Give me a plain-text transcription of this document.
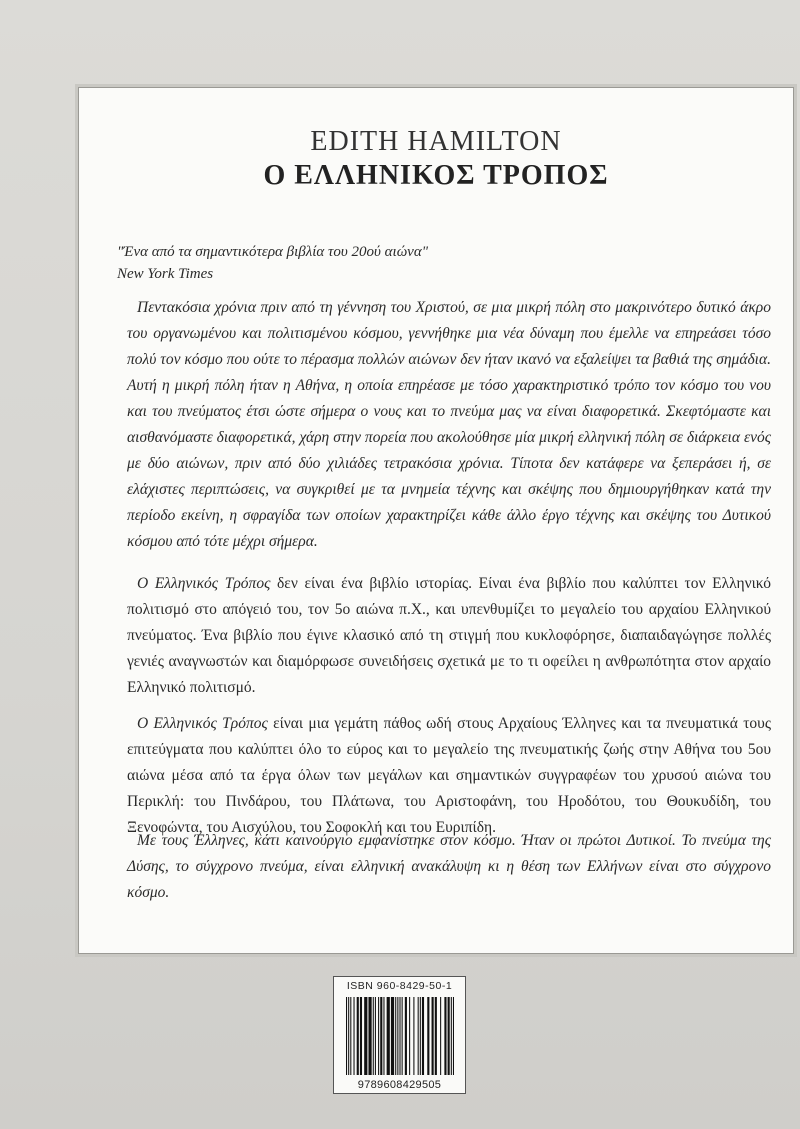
EDITH HAMILTON
Ο ΕΛΛΗΝΙΚΟΣ ΤΡΟΠΟΣ
"Ένα από τα σημαντικότερα βιβλία του 20ού αιώνα"
New York Times

Πεντακόσια χρόνια πριν από τη γέννηση του Χριστού, σε μια μικρή πόλη στο μακρινότερο δυτικό άκρο του οργανωμένου και πολιτισμένου κόσμου, γεννήθηκε μια νέα δύναμη που έμελλε να επηρεάσει τόσο πολύ τον κόσμο που ούτε το πέρασμα πολλών αιώνων δεν ήταν ικανό να εξαλείψει τα βαθιά της σημάδια. Αυτή η μικρή πόλη ήταν η Αθήνα, η οποία επηρέασε με τόσο χαρακτηριστικό τρόπο τον κόσμο του νου και του πνεύματος έτσι ώστε σήμερα ο νους και το πνεύμα μας να είναι διαφορετικά. Σκεφτόμαστε και αισθανόμαστε διαφορετικά, χάρη στην πορεία που ακολούθησε μία μικρή ελληνική πόλη σε διάρκεια ενός με δύο αιώνων, πριν από δύο χιλιάδες τετρακόσια χρόνια. Τίποτα δεν κατάφερε να ξεπεράσει ή, σε ελάχιστες περιπτώσεις, να συγκριθεί με τα μνημεία τέχνης και σκέψης που δημιουργήθηκαν κατά την περίοδο εκείνη, η σφραγίδα των οποίων χαρακτηρίζει κάθε άλλο έργο τέχνης και σκέψης του Δυτικού κόσμου από τότε μέχρι σήμερα.

Ο Ελληνικός Τρόπος δεν είναι ένα βιβλίο ιστορίας. Είναι ένα βιβλίο που καλύπτει τον Ελληνικό πολιτισμό στο απόγειό του, τον 5ο αιώνα π.Χ., και υπενθυμίζει το μεγαλείο του αρχαίου Ελληνικού πνεύματος. Ένα βιβλίο που έγινε κλασικό από τη στιγμή που κυκλοφόρησε, διαπαιδαγώγησε πολλές γενιές αναγνωστών και διαμόρφωσε συνειδήσεις σχετικά με το τι οφείλει η ανθρωπότητα στον αρχαίο Ελληνικό πολιτισμό.

Ο Ελληνικός Τρόπος είναι μια γεμάτη πάθος ωδή στους Αρχαίους Έλληνες και τα πνευματικά τους επιτεύγματα που καλύπτει όλο το εύρος και το μεγαλείο της πνευματικής ζωής στην Αθήνα του 5ου αιώνα μέσα από τα έργα όλων των μεγάλων και σημαντικών συγγραφέων του χρυσού αιώνα του Περικλή: του Πινδάρου, του Πλάτωνα, του Αριστοφάνη, του Ηροδότου, του Θουκυδίδη, του Ξενοφώντα, του Αισχύλου, του Σοφοκλή και του Ευριπίδη.

Με τους Έλληνες, κάτι καινούργιο εμφανίστηκε στον κόσμο. Ήταν οι πρώτοι Δυτικοί. Το πνεύμα της Δύσης, το σύγχρονο πνεύμα, είναι ελληνική ανακάλυψη κι η θέση των Ελλήνων είναι στο σύγχρονο κόσμο.

ISBN 960-8429-50-1
9789608429505
